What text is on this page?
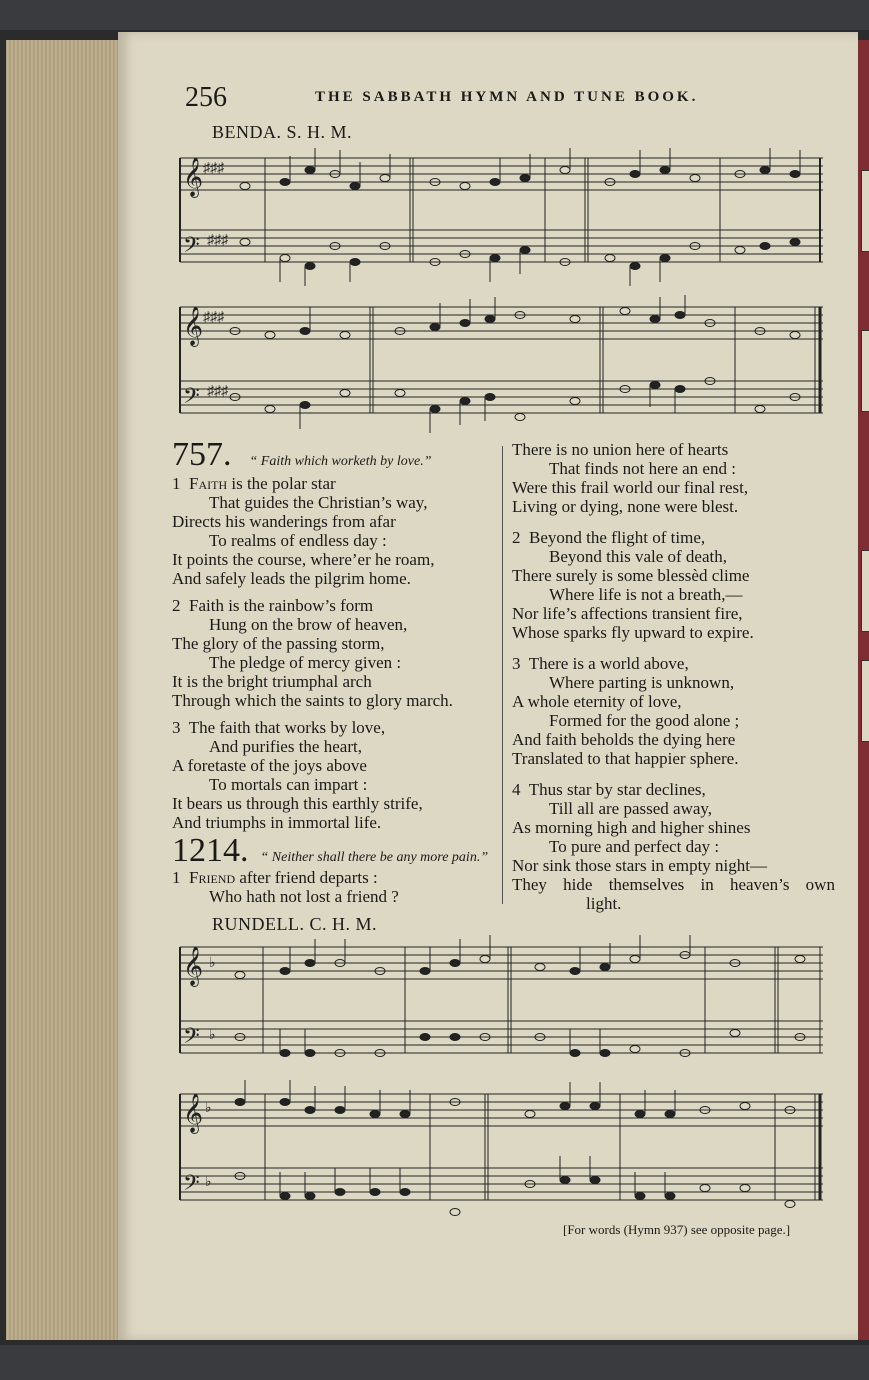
256	THE SABBATH HYMN AND TUNE BOOK.
BENDA. S. H. M.
𝄞
𝄢
♯♯♯
♯♯♯
𝄞
𝄢
♯♯♯
♯♯♯
757. “ Faith which worketh by love.”
1 Faith is the polar star
That guides the Christian’s way,
Directs his wanderings from afar
To realms of endless day :
It points the course, where’er he roam,
And safely leads the pilgrim home.
2 Faith is the rainbow’s form
Hung on the brow of heaven,
The glory of the passing storm,
The pledge of mercy given :
It is the bright triumphal arch
Through which the saints to glory march.
3 The faith that works by love,
And purifies the heart,
A foretaste of the joys above
To mortals can impart :
It bears us through this earthly strife,
And triumphs in immortal life.
1214. “ Neither shall there be any more pain.”
1 Friend after friend departs :
Who hath not lost a friend ?
There is no union here of hearts
That finds not here an end :
Were this frail world our final rest,
Living or dying, none were blest.
2 Beyond the flight of time,
Beyond this vale of death,
There surely is some blessèd clime
Where life is not a breath,—
Nor life’s affections transient fire,
Whose sparks fly upward to expire.
3 There is a world above,
Where parting is unknown,
A whole eternity of love,
Formed for the good alone ;
And faith beholds the dying here
Translated to that happier sphere.
4 Thus star by star declines,
Till all are passed away,
As morning high and higher shines
To pure and perfect day :
Nor sink those stars in empty night—
They hide themselves in heaven’s own
light.
RUNDELL. C. H. M.
𝄞
𝄢
♭
♭
𝄞
𝄢
♭
♭
[For words (Hymn 937) see opposite page.]
